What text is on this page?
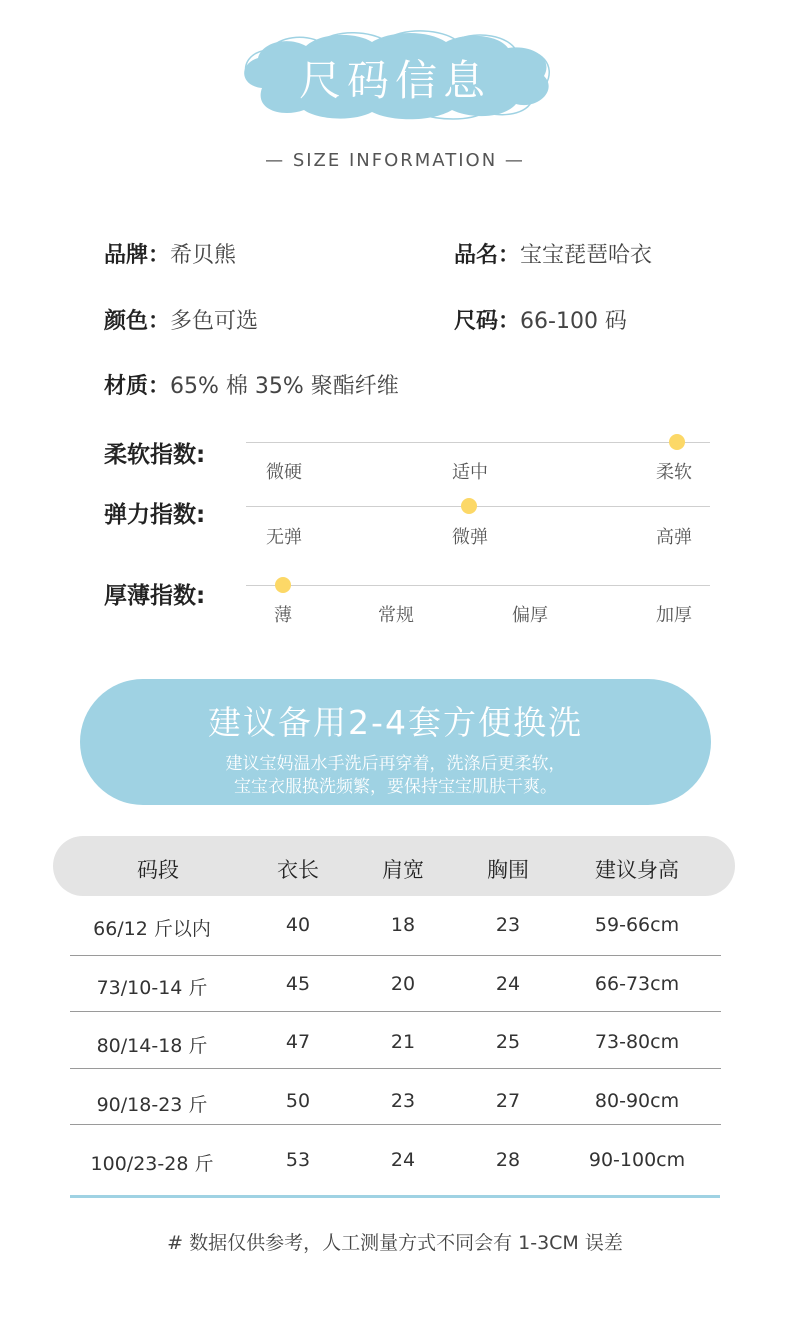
尺码信息
— SIZE INFORMATION —
品牌：希贝熊	品名：宝宝琵琶哈衣
颜色：多色可选	尺码：66-100 码
材质：65% 棉 35% 聚酯纤维
柔软指数:
微硬	适中	柔软
弹力指数:
无弹	微弹	高弹
厚薄指数:
薄	常规	偏厚	加厚
建议备用2-4套方便换洗
建议宝妈温水手洗后再穿着，洗涤后更柔软，
宝宝衣服换洗频繁，要保持宝宝肌肤干爽。
码段	衣长	肩宽	胸围	建议身高
66/12 斤以内	40	18	23	59-66cm
73/10-14 斤	45	20	24	66-73cm
80/14-18 斤	47	21	25	73-80cm
90/18-23 斤	50	23	27	80-90cm
100/23-28 斤	53	24	28	90-100cm
# 数据仅供参考，人工测量方式不同会有 1-3CM 误差
